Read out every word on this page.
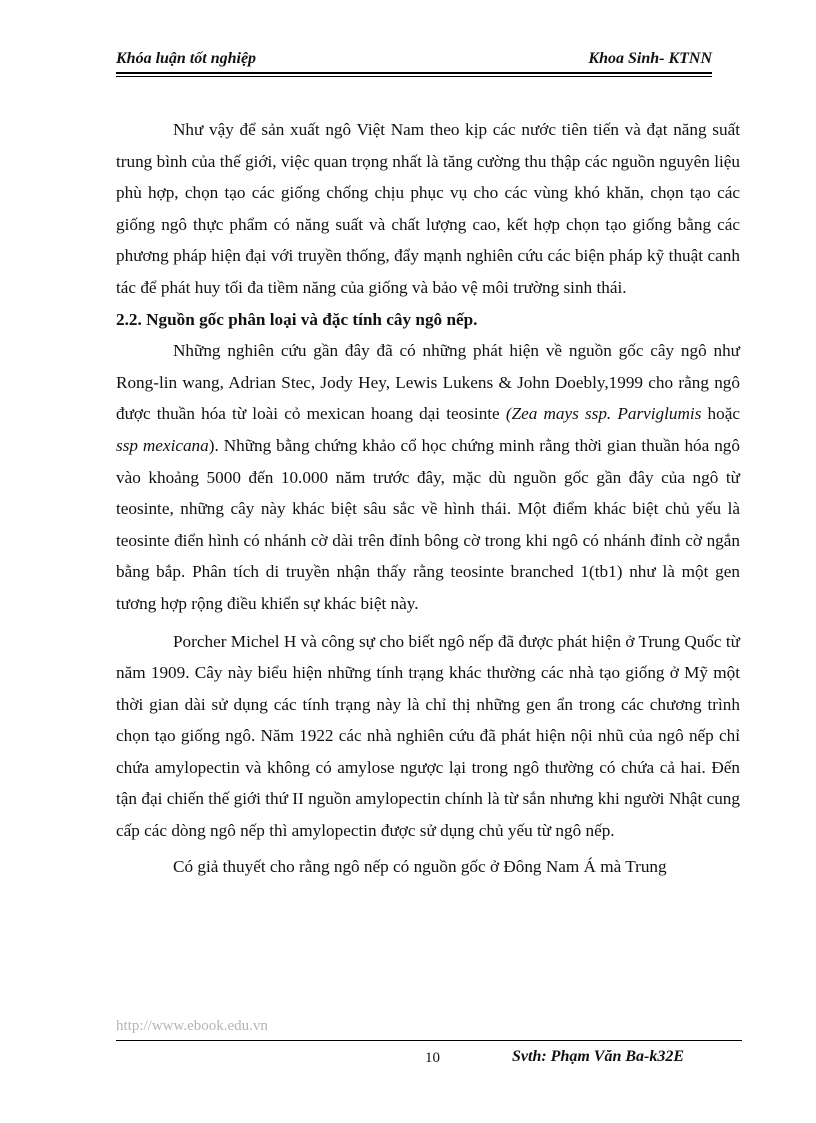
Khóa luận tốt nghiệp	Khoa Sinh- KTNN

Như vậy để sản xuất ngô Việt Nam theo kịp các nước tiên tiến và đạt năng suất trung bình của thế giới, việc quan trọng nhất là tăng cường thu thập các nguồn nguyên liệu phù hợp, chọn tạo các giống chống chịu phục vụ cho các vùng khó khăn, chọn tạo các giống ngô thực phẩm có năng suất và chất lượng cao, kết hợp chọn tạo giống bằng các phương pháp hiện đại với truyền thống, đẩy mạnh nghiên cứu các biện pháp kỹ thuật canh tác để phát huy tối đa tiềm năng của giống và bảo vệ môi trường sinh thái.

2.2. Nguồn gốc phân loại và đặc tính cây ngô nếp.

Những nghiên cứu gần đây đã có những phát hiện về nguồn gốc cây ngô như Rong-lin wang, Adrian Stec, Jody Hey, Lewis Lukens & John Doebly,1999 cho rằng ngô được thuần hóa từ loài cỏ mexican hoang dại teosinte (Zea mays ssp. Parviglumis hoặc ssp mexicana). Những bằng chứng khảo cổ học chứng minh rằng thời gian thuần hóa ngô vào khoảng 5000 đến 10.000 năm trước đây, mặc dù nguồn gốc gần đây của ngô từ teosinte, những cây này khác biệt sâu sắc về hình thái. Một điểm khác biệt chủ yếu là teosinte điển hình có nhánh cờ dài trên đỉnh bông cờ trong khi ngô có nhánh đỉnh cờ ngắn bằng bắp. Phân tích di truyền nhận thấy rằng teosinte branched 1(tb1) như là một gen tương hợp rộng điều khiển sự khác biệt này.

Porcher Michel H và công sự cho biết ngô nếp đã được phát hiện ở Trung Quốc từ năm 1909. Cây này biểu hiện những tính trạng khác thường các nhà tạo giống ở Mỹ một thời gian dài sử dụng các tính trạng này là chỉ thị những gen ẩn trong các chương trình chọn tạo giống ngô. Năm 1922 các nhà nghiên cứu đã phát hiện nội nhũ của ngô nếp chỉ chứa amylopectin và không có amylose ngược lại trong ngô thường có chứa cả hai. Đến tận đại chiến thế giới thứ II nguồn amylopectin chính là từ sắn nhưng khi người Nhật cung cấp các dòng ngô nếp thì amylopectin được sử dụng chủ yếu từ ngô nếp.

Có giả thuyết cho rằng ngô nếp có nguồn gốc ở Đông Nam Á mà Trung

http://www.ebook.edu.vn
10	Svth: Phạm Văn Ba-k32E
